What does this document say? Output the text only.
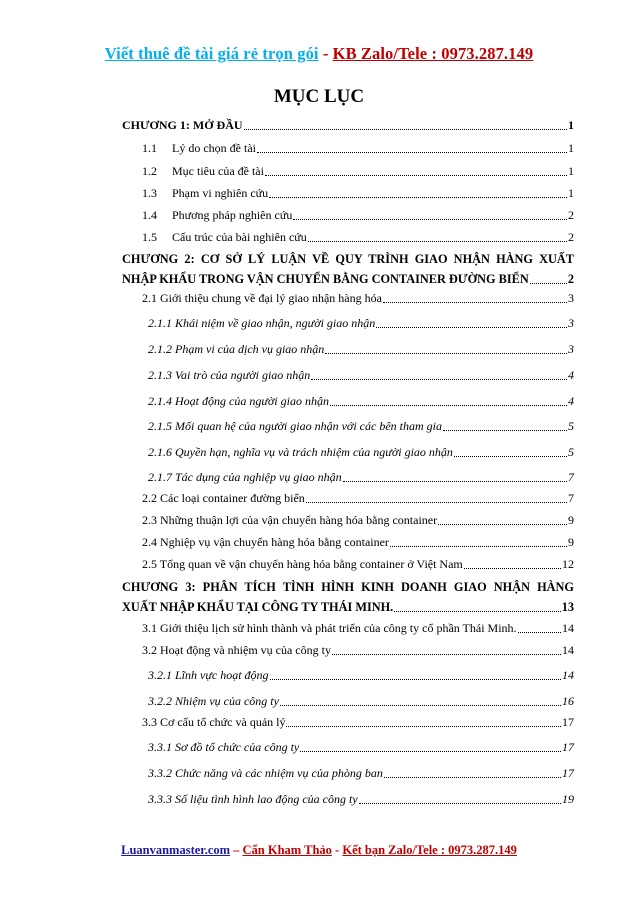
Viết thuê đề tài giá rẻ trọn gói - KB Zalo/Tele : 0973.287.149
MỤC LỤC
CHƯƠNG 1: MỞ ĐẦU	1
1.1 Lý do chọn đề tài	1
1.2 Mục tiêu của đề tài	1
1.3 Phạm vi nghiên cứu	1
1.4 Phương pháp nghiên cứu	2
1.5 Cấu trúc của bài nghiên cứu	2
CHƯƠNG 2: CƠ SỞ LÝ LUẬN VỀ QUY TRÌNH GIAO NHẬN HÀNG XUẤT
NHẬP KHẨU TRONG VẬN CHUYỂN BẰNG CONTAINER ĐƯỜNG BIỂN	2
2.1 Giới thiệu chung về đại lý giao nhận hàng hóa	3
2.1.1 Khái niệm về giao nhận, người giao nhận	3
2.1.2 Phạm vi của dịch vụ giao nhận	3
2.1.3 Vai trò của người giao nhận	4
2.1.4 Hoạt động của người giao nhận	4
2.1.5 Mối quan hệ của người giao nhận với các bên tham gia	5
2.1.6 Quyền hạn, nghĩa vụ và trách nhiệm của người giao nhận	5
2.1.7 Tác dụng của nghiệp vụ giao nhận	7
2.2 Các loại container đường biển	7
2.3 Những thuận lợi của vận chuyển hàng hóa bằng container	9
2.4 Nghiệp vụ vận chuyển hàng hóa bằng container	9
2.5 Tổng quan về vận chuyển hàng hóa bằng container ở Việt Nam	12
CHƯƠNG 3: PHÂN TÍCH TÌNH HÌNH KINH DOANH GIAO NHẬN HÀNG
XUẤT NHẬP KHẨU TẠI CÔNG TY THÁI MINH.	13
3.1 Giới thiệu lịch sử hình thành và phát triển của công ty cổ phần Thái Minh.	14
3.2 Hoạt động và nhiệm vụ của công ty	14
3.2.1 Lĩnh vực hoạt động	14
3.2.2 Nhiệm vụ của công ty	16
3.3 Cơ cấu tổ chức và quản lý	17
3.3.1 Sơ đồ tổ chức của công ty	17
3.3.2 Chức năng và các nhiệm vụ của phòng ban	17
3.3.3 Số liệu tình hình lao động của công ty	19
Luanvanmaster.com – Cẩn Kham Thảo - Kết bạn Zalo/Tele : 0973.287.149
